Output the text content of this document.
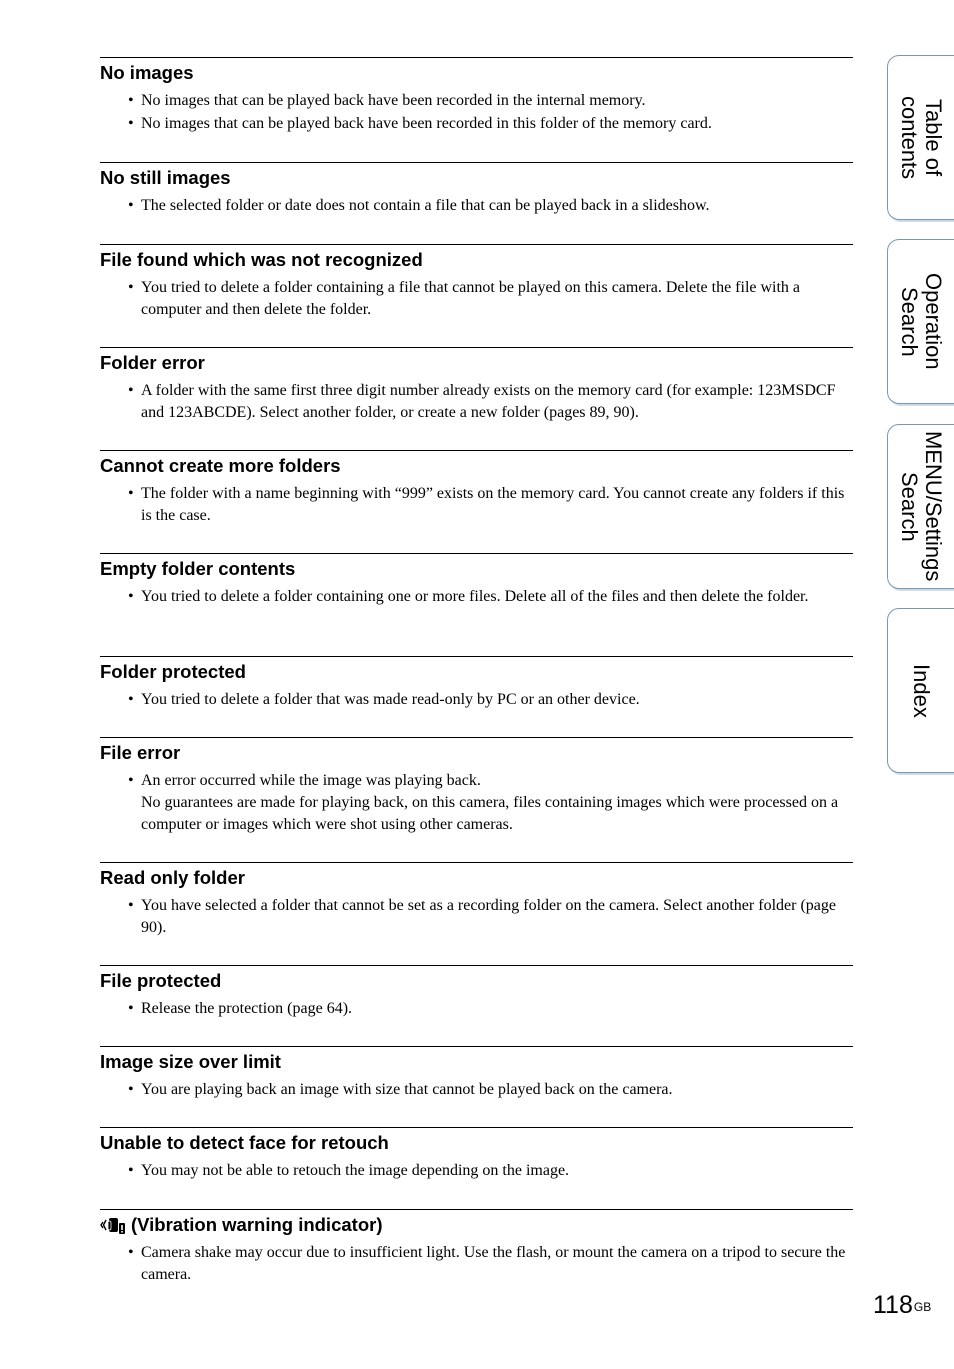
No images
• No images that can be played back have been recorded in the internal memory.
• No images that can be played back have been recorded in this folder of the memory card.
No still images
• The selected folder or date does not contain a file that can be played back in a slideshow.
File found which was not recognized
• You tried to delete a folder containing a file that cannot be played on this camera. Delete the file with a computer and then delete the folder.
Folder error
• A folder with the same first three digit number already exists on the memory card (for example: 123MSDCF and 123ABCDE). Select another folder, or create a new folder (pages 89, 90).
Cannot create more folders
• The folder with a name beginning with “999” exists on the memory card. You cannot create any folders if this is the case.
Empty folder contents
• You tried to delete a folder containing one or more files. Delete all of the files and then delete the folder.
Folder protected
• You tried to delete a folder that was made read-only by PC or an other device.
File error
• An error occurred while the image was playing back.
No guarantees are made for playing back, on this camera, files containing images which were processed on a computer or images which were shot using other cameras.
Read only folder
• You have selected a folder that cannot be set as a recording folder on the camera. Select another folder (page 90).
File protected
• Release the protection (page 64).
Image size over limit
• You are playing back an image with size that cannot be played back on the camera.
Unable to detect face for retouch
• You may not be able to retouch the image depending on the image.
(Vibration warning indicator)
• Camera shake may occur due to insufficient light. Use the flash, or mount the camera on a tripod to secure the camera.
Table of
contents
Operation
Search
MENU/Settings
Search
Index
$118^{GB}$
